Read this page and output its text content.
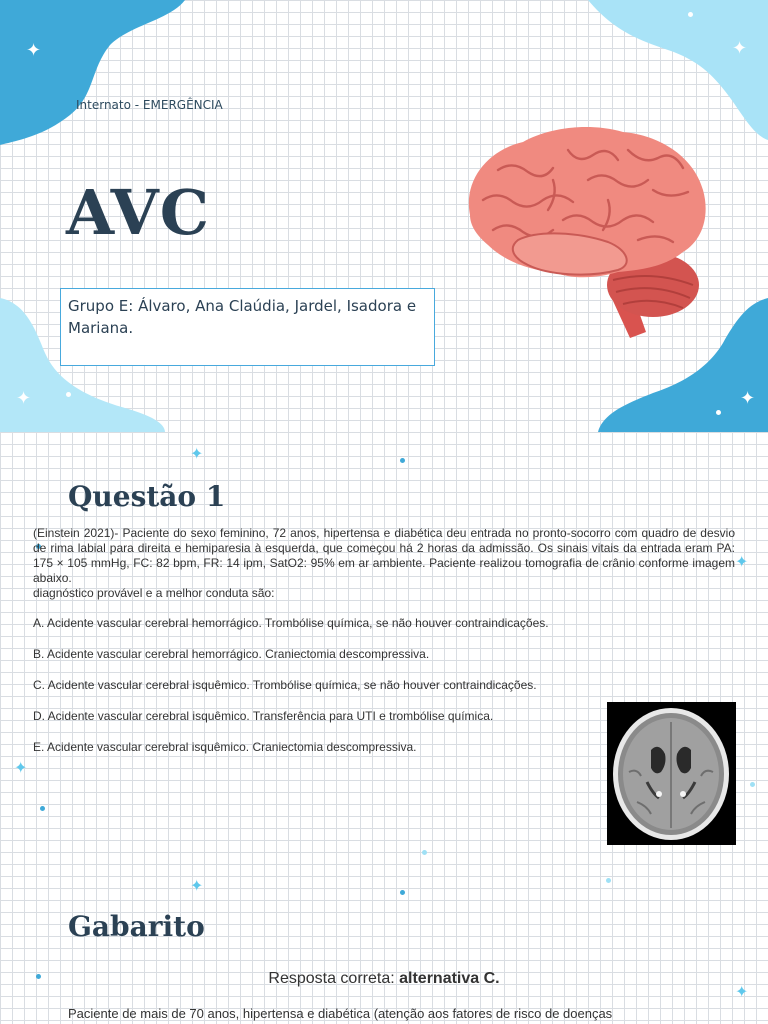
✦	✦
✦	✦
Internato - EMERGÊNCIA
AVC
Grupo E: Álvaro, Ana Claúdia, Jardel, Isadora e Mariana.
✦
✦
✦
✦
✦
Questão 1
(Einstein 2021)- Paciente do sexo feminino, 72 anos, hipertensa e diabética deu entrada no pronto-socorro com quadro de desvio de rima labial para direita e hemiparesia à esquerda, que começou há 2 horas da admissão. Os sinais vitais da entrada eram PA: 175 × 105 mmHg, FC: 82 bpm, FR: 14 ipm, SatO2: 95% em ar ambiente. Paciente realizou tomografia de crânio conforme imagem abaixo.
diagnóstico provável e a melhor conduta são:
A. Acidente vascular cerebral hemorrágico. Trombólise química, se não houver contraindicações.
B. Acidente vascular cerebral hemorrágico. Craniectomia descompressiva.
C. Acidente vascular cerebral isquêmico. Trombólise química, se não houver contraindicações.
D. Acidente vascular cerebral isquêmico. Transferência para UTI e trombólise química.
E. Acidente vascular cerebral isquêmico. Craniectomia descompressiva.
Gabarito
Resposta correta: alternativa C.
Paciente de mais de 70 anos, hipertensa e diabética (atenção aos fatores de risco de doenças
